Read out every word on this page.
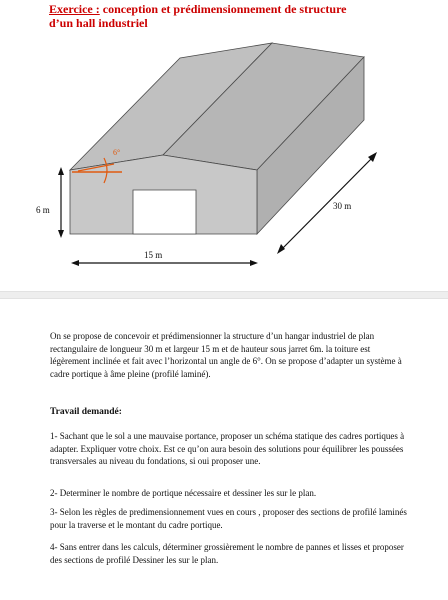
Exercice : conception et prédimensionnement de structure
d’un hall industriel
6°
6 m
15 m
30 m

On se propose de concevoir et prédimensionner la structure d’un hangar industriel de plan rectangulaire de longueur 30 m et largeur 15 m et de hauteur sous jarret 6m. la toiture est légèrement inclinée et fait avec l’horizontal un angle de 6°. On se propose d’adapter un système à cadre portique à âme pleine (profilé laminé).

Travail demandé:

1- Sachant que le sol a une mauvaise portance, proposer un schéma statique des cadres portiques à adapter. Expliquer votre choix. Est ce qu’on aura besoin des solutions pour équilibrer les poussées transversales au niveau du fondations, si oui proposer une.

2- Determiner le nombre de portique nécessaire et dessiner les sur le plan.

3- Selon les règles de predimensionnement vues en cours , proposer des sections de profilé laminés pour la traverse et le montant du cadre portique.

4- Sans entrer dans les calculs, déterminer grossièrement le nombre de pannes et lisses et proposer des sections de profilé Dessiner les sur le plan.
